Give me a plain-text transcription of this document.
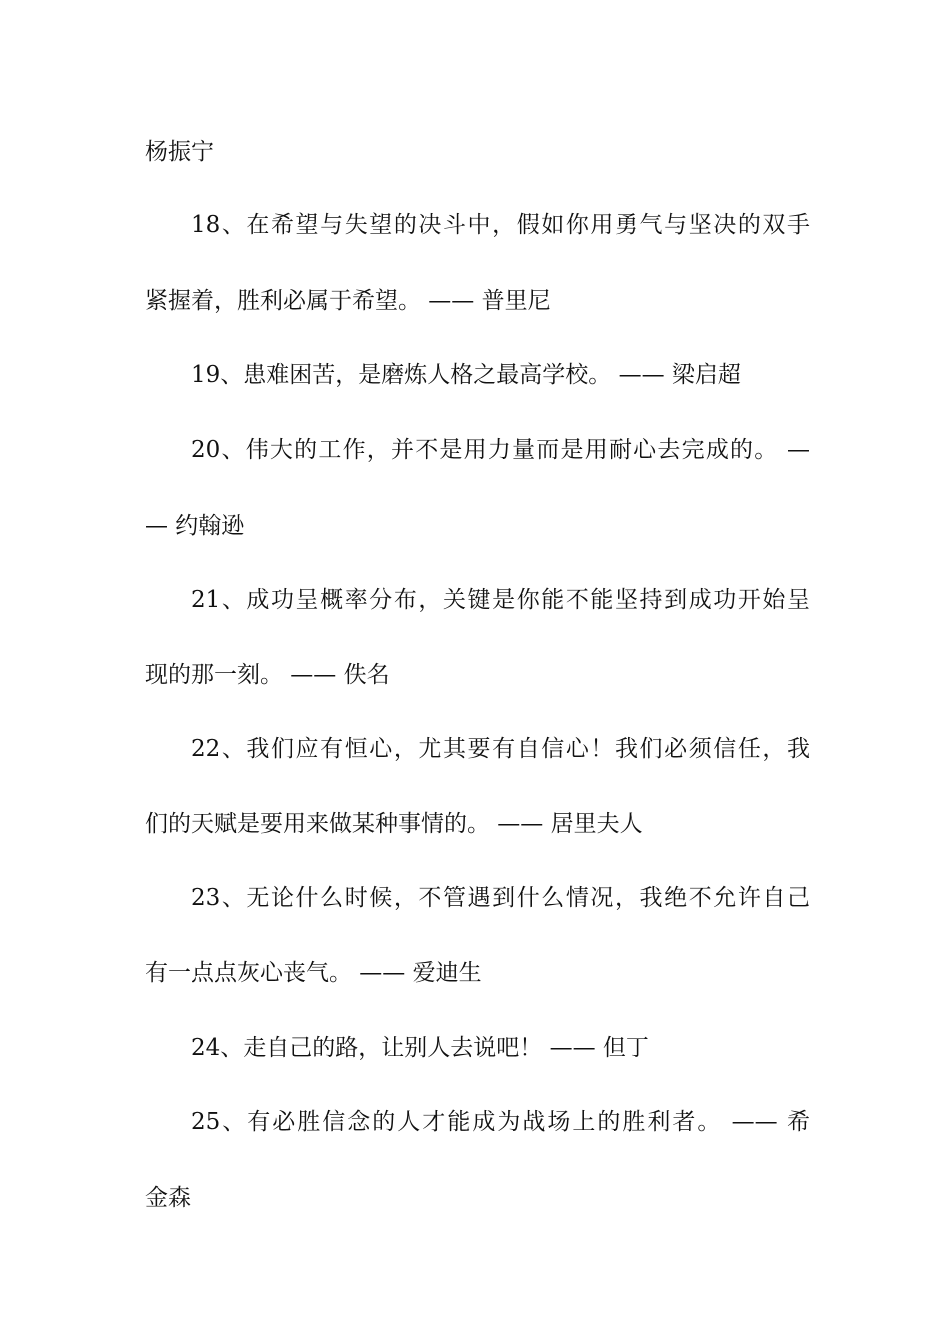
杨振宁
18、在希望与失望的决斗中，假如你用勇气与坚决的双手
紧握着，胜利必属于希望。 —— 普里尼
19、患难困苦，是磨炼人格之最高学校。 —— 梁启超
20、伟大的工作，并不是用力量而是用耐心去完成的。 —
— 约翰逊
21、成功呈概率分布，关键是你能不能坚持到成功开始呈
现的那一刻。 —— 佚名
22、我们应有恒心，尤其要有自信心！我们必须信任，我
们的天赋是要用来做某种事情的。 —— 居里夫人
23、无论什么时候，不管遇到什么情况，我绝不允许自己
有一点点灰心丧气。 —— 爱迪生
24、走自己的路，让别人去说吧！ —— 但丁
25、有必胜信念的人才能成为战场上的胜利者。 —— 希
金森
